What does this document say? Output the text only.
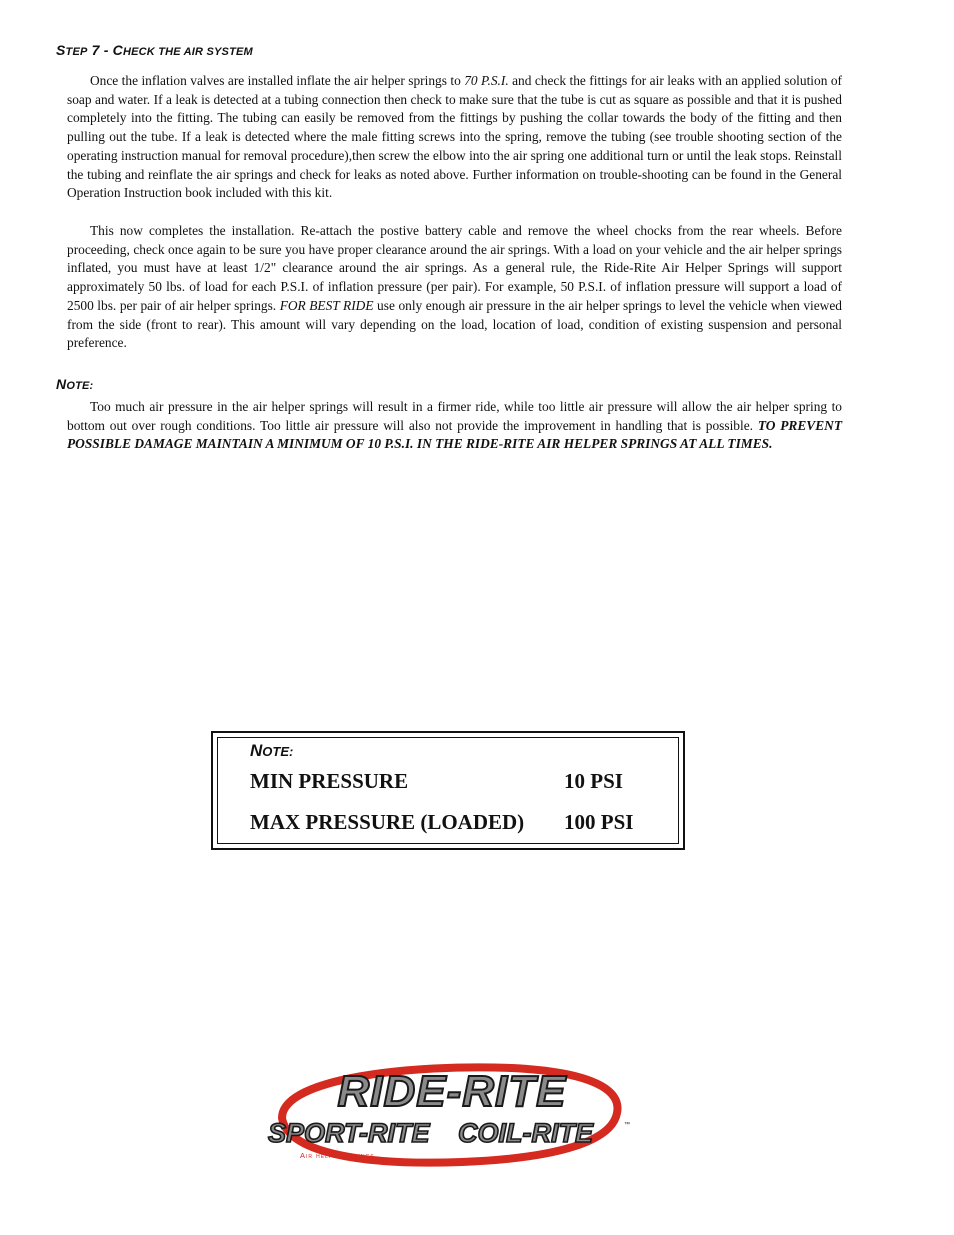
STEP 7 - CHECK THE AIR SYSTEM

Once the inflation valves are installed inflate the air helper springs to 70 P.S.I. and check the fittings for air leaks with an applied solution of soap and water. If a leak is detected at a tubing connection then check to make sure that the tube is cut as square as possible and that it is pushed completely into the fitting. The tubing can easily be removed from the fittings by pushing the collar towards the body of the fitting and then pulling out the tube. If a leak is detected where the male fitting screws into the spring, remove the tubing (see trouble shooting section of the operating instruction manual for removal procedure),then screw the elbow into the air spring one additional turn or until the leak stops. Reinstall the tubing and reinflate the air springs and check for leaks as noted above. Further information on trouble-shooting can be found in the General Operation Instruction book included with this kit.

This now completes the installation. Re-attach the postive battery cable and remove the wheel chocks from the rear wheels. Before proceeding, check once again to be sure you have proper clearance around the air springs. With a load on your vehicle and the air helper springs inflated, you must have at least 1/2" clearance around the air springs. As a general rule, the Ride-Rite Air Helper Springs will support approximately 50 lbs. of load for each P.S.I. of inflation pressure (per pair). For example, 50 P.S.I. of inflation pressure will support a load of 2500 lbs. per pair of air helper springs. FOR BEST RIDE use only enough air pressure in the air helper springs to level the vehicle when viewed from the side (front to rear). This amount will vary depending on the load, location of load, condition of existing suspension and personal preference.

NOTE:

Too much air pressure in the air helper springs will result in a firmer ride, while too little air pressure will allow the air helper spring to bottom out over rough conditions. Too little air pressure will also not provide the improvement in handling that is possible. TO PREVENT POSSIBLE DAMAGE MAINTAIN A MINIMUM OF 10 P.S.I. IN THE RIDE-RITE AIR HELPER SPRINGS AT ALL TIMES.

NOTE:
MIN PRESSURE	10 PSI
MAX PRESSURE (LOADED) 100 PSI
RIDE-RITE
SPORT-RITE COIL-RITE	™
Air helper springs
